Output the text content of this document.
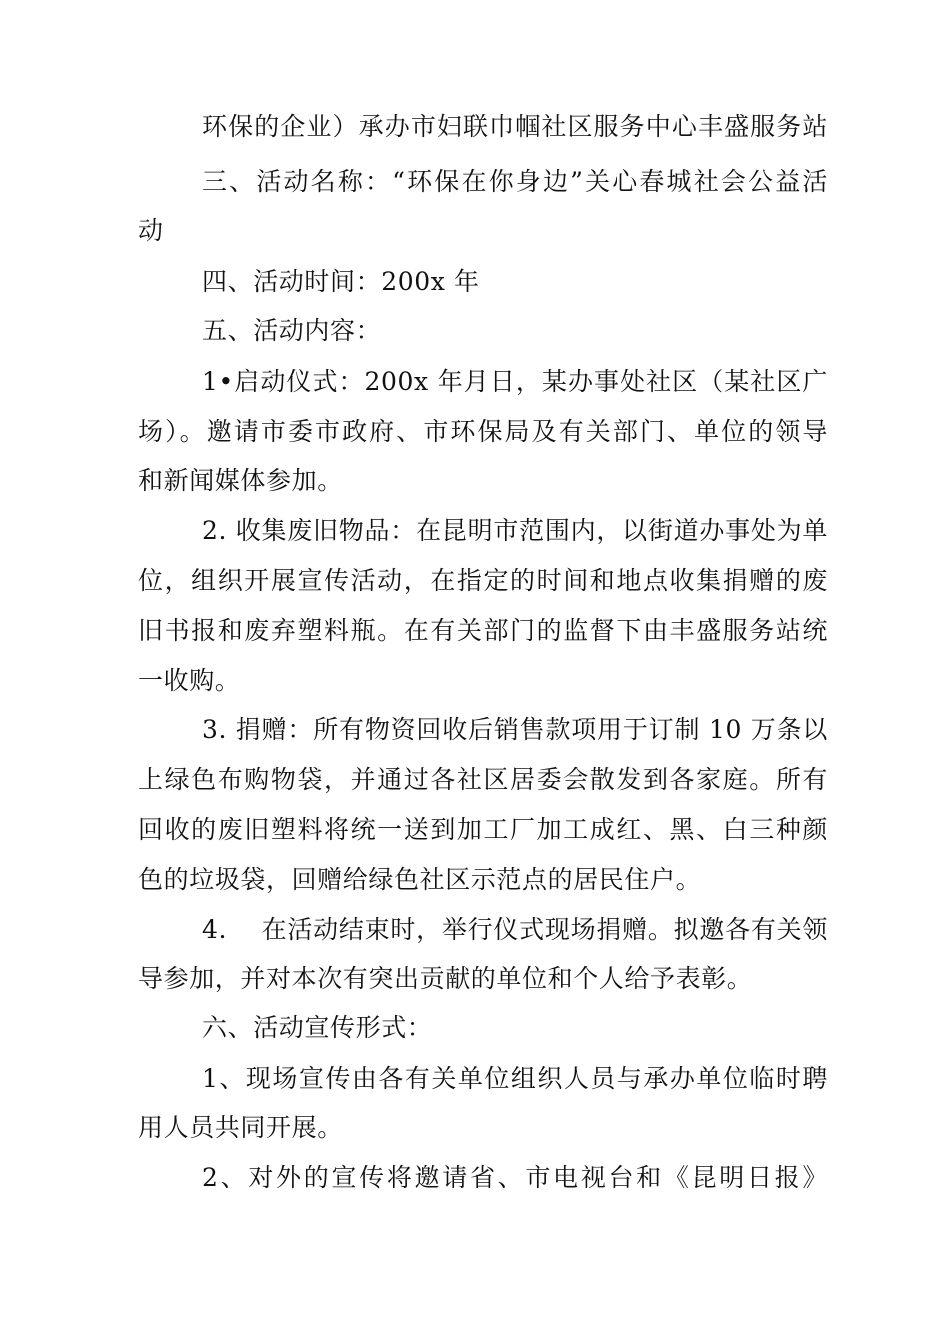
环保的企业）承办市妇联巾帼社区服务中心丰盛服务站

三、活动名称：“环保在你身边”关心春城社会公益活

动

四、活动时间：200x 年

五、活动内容：

1•启动仪式：200x 年月日，某办事处社区（某社区广

场）。邀请市委市政府、市环保局及有关部门、单位的领导

和新闻媒体参加。

2. 收集废旧物品：在昆明市范围内，以街道办事处为单

位，组织开展宣传活动，在指定的时间和地点收集捐赠的废

旧书报和废弃塑料瓶。在有关部门的监督下由丰盛服务站统

一收购。

3. 捐赠：所有物资回收后销售款项用于订制 10 万条以

上绿色布购物袋，并通过各社区居委会散发到各家庭。所有

回收的废旧塑料将统一送到加工厂加工成红、黑、白三种颜

色的垃圾袋，回赠给绿色社区示范点的居民住户。

4.　 在活动结束时，举行仪式现场捐赠。拟邀各有关领

导参加，并对本次有突出贡献的单位和个人给予表彰。

六、活动宣传形式：

1、现场宣传由各有关单位组织人员与承办单位临时聘

用人员共同开展。

2、对外的宣传将邀请省、市电视台和《昆明日报》
